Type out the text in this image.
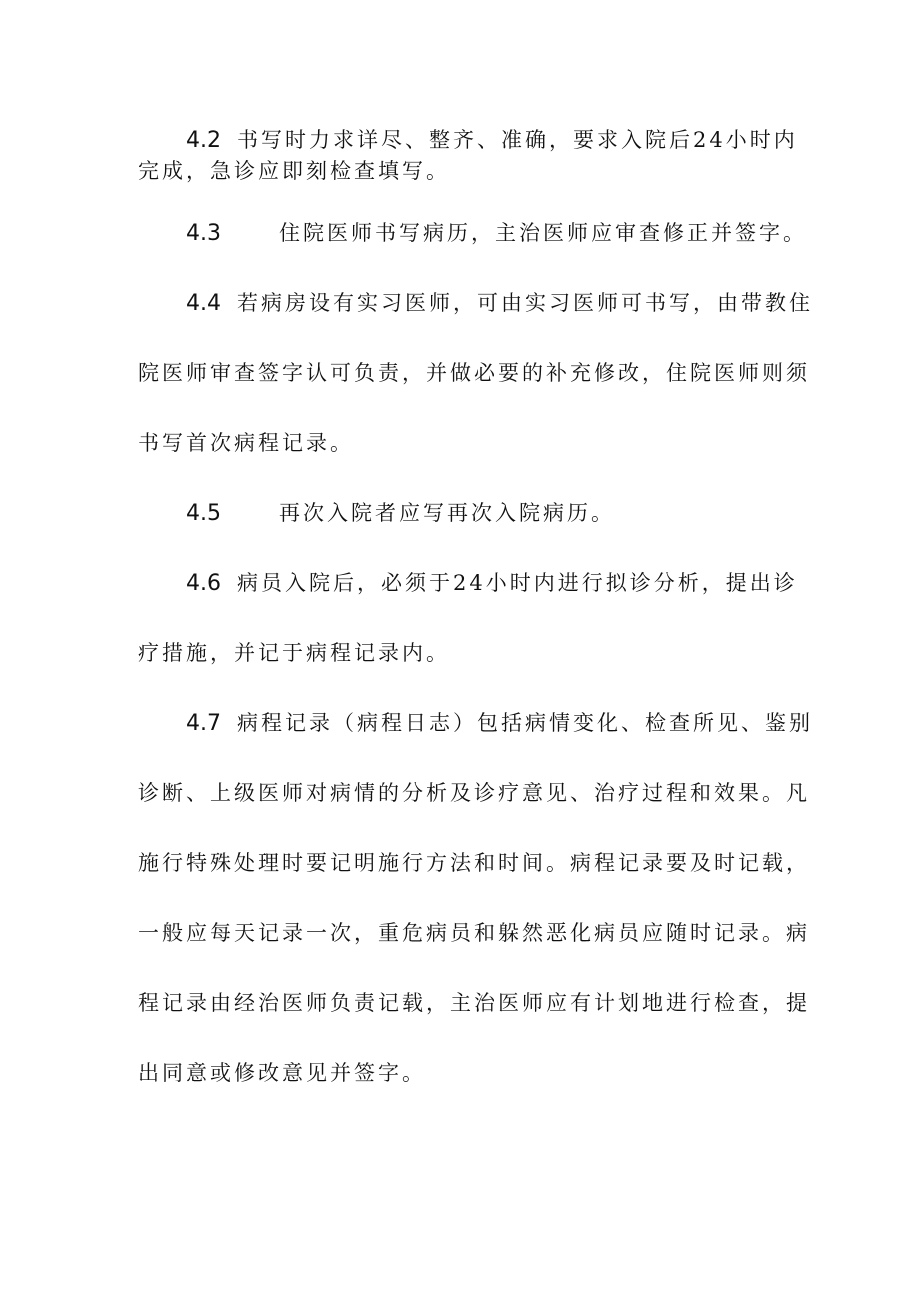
4.2 书写时力求详尽、整齐、准确，要求入院后24小时内
完成，急诊应即刻检查填写。
4.3	住院医师书写病历，主治医师应审查修正并签字。
4.4 若病房设有实习医师，可由实习医师可书写，由带教住
院医师审查签字认可负责，并做必要的补充修改，住院医师则须
书写首次病程记录。
4.5	再次入院者应写再次入院病历。
4.6 病员入院后，必须于24小时内进行拟诊分析，提出诊
疗措施，并记于病程记录内。
4.7 病程记录（病程日志）包括病情变化、检查所见、鉴别
诊断、上级医师对病情的分析及诊疗意见、治疗过程和效果。凡
施行特殊处理时要记明施行方法和时间。病程记录要及时记载，
一般应每天记录一次，重危病员和躲然恶化病员应随时记录。病
程记录由经治医师负责记载，主治医师应有计划地进行检查，提
出同意或修改意见并签字。
